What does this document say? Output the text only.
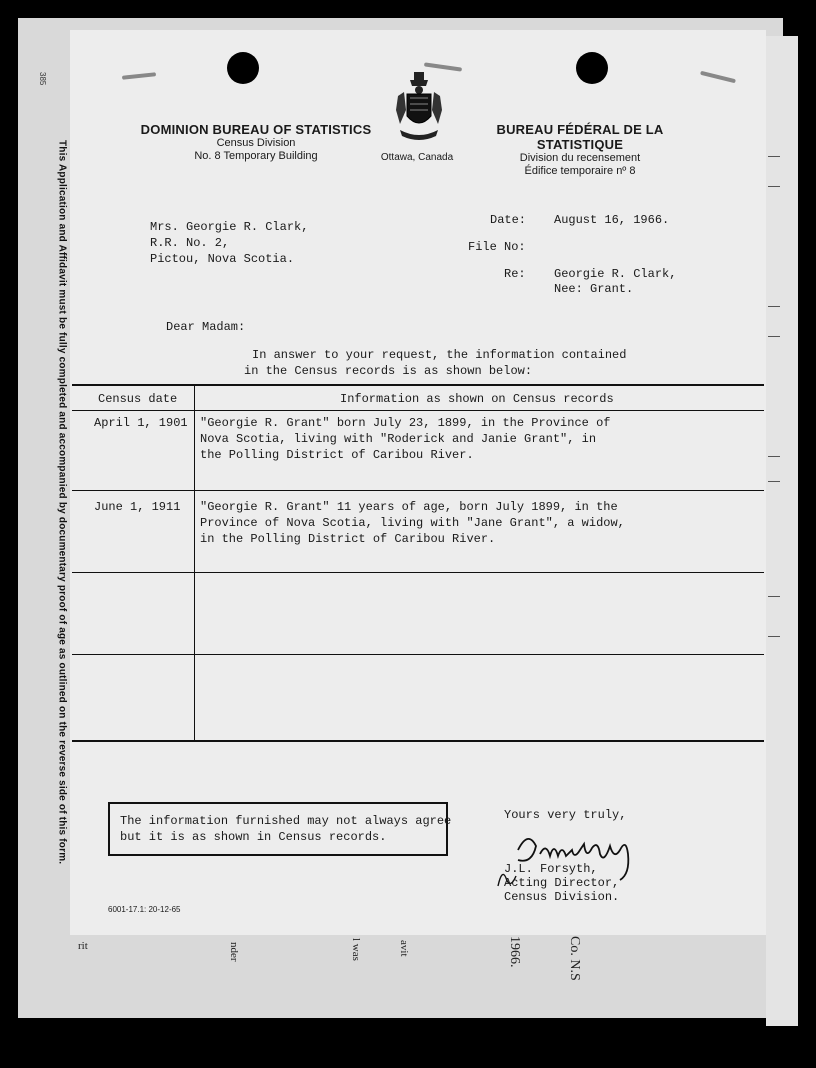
385
This Application and Affidavit must be fully completed and accompanied by documentary proof of age as outlined on the reverse side of this form.
DOMINION BUREAU OF STATISTICS
Census Division
No. 8 Temporary Building	Ottawa, Canada
BUREAU FÉDÉRAL DE LA STATISTIQUE
Division du recensement
Édifice temporaire nº 8
Mrs. Georgie R. Clark,
R.R. No. 2,
Pictou, Nova Scotia.
Date: August 16, 1966.
File No:
Re: Georgie R. Clark,
Nee: Grant.
Dear Madam:
In answer to your request, the information contained
in the Census records is as shown below:
Census date	Information as shown on Census records
April 1, 1901 "Georgie R. Grant" born July 23, 1899, in the Province of
Nova Scotia, living with "Roderick and Janie Grant", in
the Polling District of Caribou River.
June 1, 1911 "Georgie R. Grant" 11 years of age, born July 1899, in the
Province of Nova Scotia, living with "Jane Grant", a widow,
in the Polling District of Caribou River.
The information furnished may not always agree
but it is as shown in Census records.
Yours very truly,
J.L. Forsyth,
Acting Director,
Census Division.
6001-17.1: 20-12-65
rit	nder	l was	avit	1966.	Co. N.S
